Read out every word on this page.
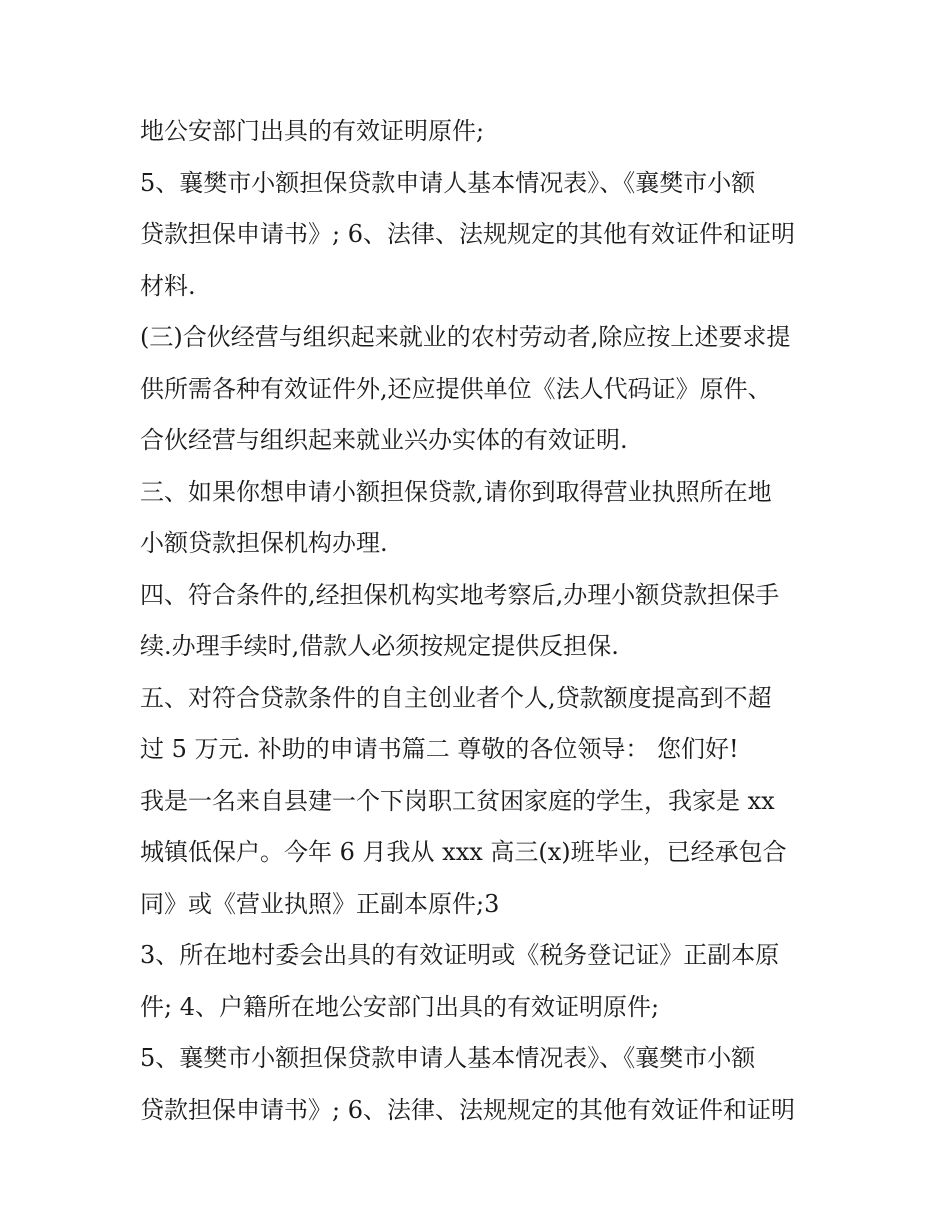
地公安部门出具的有效证明原件;
5、襄樊市小额担保贷款申请人基本情况表》、《襄樊市小额
贷款担保申请书》; 6、法律、法规规定的其他有效证件和证明
材料.
(三)合伙经营与组织起来就业的农村劳动者,除应按上述要求提
供所需各种有效证件外,还应提供单位《法人代码证》原件、
合伙经营与组织起来就业兴办实体的有效证明.
三、如果你想申请小额担保贷款,请你到取得营业执照所在地
小额贷款担保机构办理.
四、符合条件的,经担保机构实地考察后,办理小额贷款担保手
续.办理手续时,借款人必须按规定提供反担保.
五、对符合贷款条件的自主创业者个人,贷款额度提高到不超
过 5 万元. 补助的申请书篇二 尊敬的各位领导： 您们好!
我是一名来自县建一个下岗职工贫困家庭的学生，我家是 xx
城镇低保户。今年 6 月我从 xxx 高三(x)班毕业，已经承包合
同》或《营业执照》正副本原件;3
3、所在地村委会出具的有效证明或《税务登记证》正副本原
件; 4、户籍所在地公安部门出具的有效证明原件;
5、襄樊市小额担保贷款申请人基本情况表》、《襄樊市小额
贷款担保申请书》; 6、法律、法规规定的其他有效证件和证明
